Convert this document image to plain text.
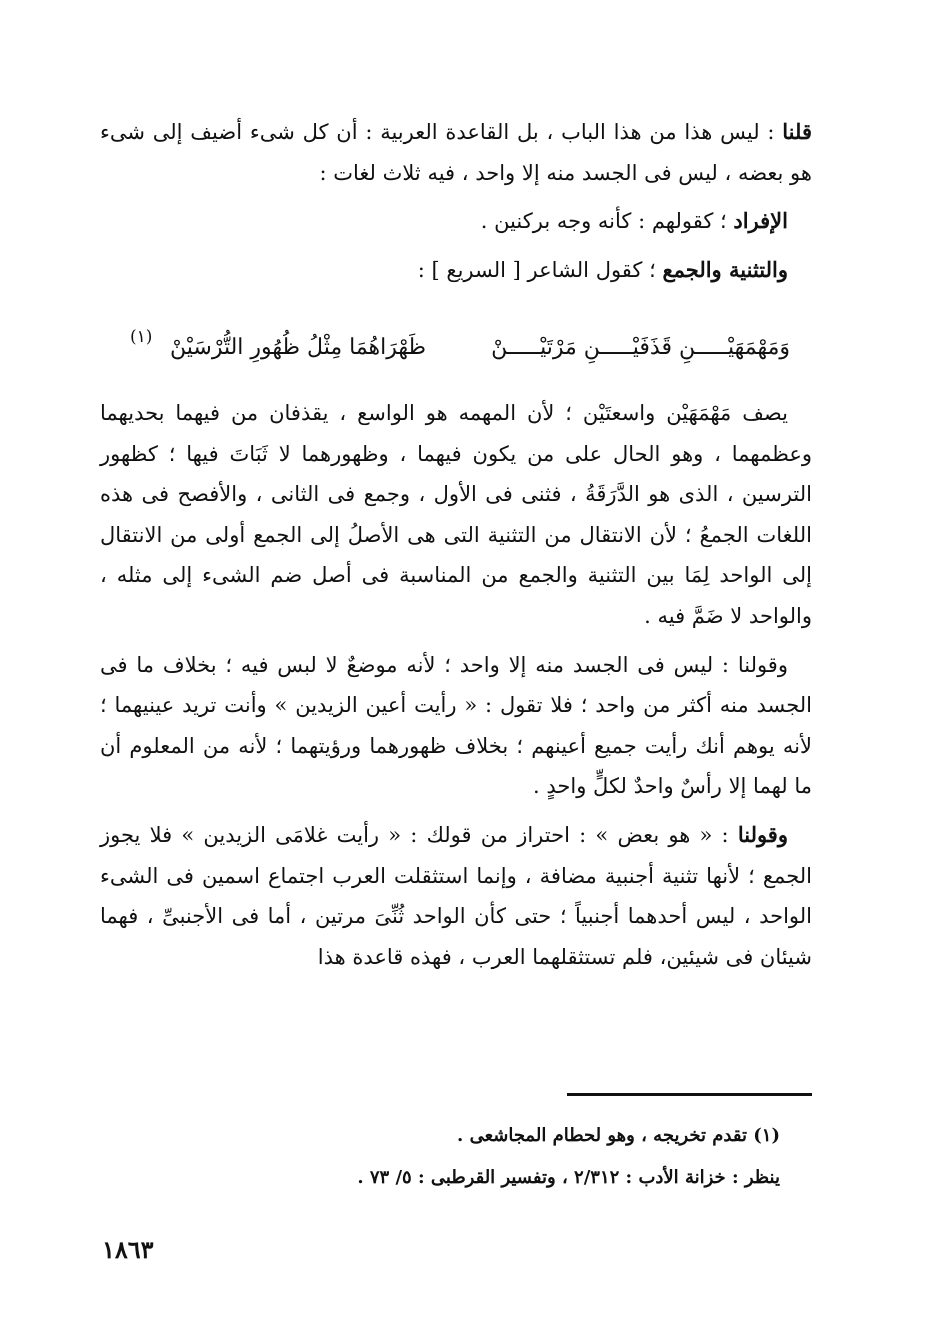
قلنا : ليس هذا من هذا الباب ، بل القاعدة العربية : أن كل شىء أضيف إلى شىء هو بعضه ، ليس فى الجسد منه إلا واحد ، فيه ثلاث لغات :

الإفراد ؛ كقولهم : كأنه وجه بركنين .

والتثنية والجمع ؛ كقول الشاعر [ السريع ] :

وَمَهْمَهَيْـــــنِ قَذَفَيْـــــنِ مَرْتَيْـــــنْ
ظَهْرَاهُمَا مِثْلُ ظُهُورِ التُّرْسَيْنْ
(١)

يصف مَهْمَهَيْن واسعتَيْن ؛ لأن المهمه هو الواسع ، يقذفان من فيهما بحديهما وعظمهما ، وهو الحال على من يكون فيهما ، وظهورهما لا ثَبَاتَ فيها ؛ كظهور الترسين ، الذى هو الدَّرَقَةُ ، فثنى فى الأول ، وجمع فى الثانى ، والأفصح فى هذه اللغات الجمعُ ؛ لأن الانتقال من التثنية التى هى الأصلُ إلى الجمع أولى من الانتقال إلى الواحد لِمَا بين التثنية والجمع من المناسبة فى أصل ضم الشىء إلى مثله ، والواحد لا ضَمَّ فيه .

وقولنا : ليس فى الجسد منه إلا واحد ؛ لأنه موضعٌ لا لبس فيه ؛ بخلاف ما فى الجسد منه أكثر من واحد ؛ فلا تقول : « رأيت أعين الزيدين » وأنت تريد عينيهما ؛ لأنه يوهم أنك رأيت جميع أعينهم ؛ بخلاف ظهورهما ورؤيتهما ؛ لأنه من المعلوم أن ما لهما إلا رأسٌ واحدٌ لكلٍّ واحدٍ .

وقولنا : « هو بعض » : احتراز من قولك : « رأيت غلامَى الزيدين » فلا يجوز الجمع ؛ لأنها تثنية أجنبية مضافة ، وإنما استثقلت العرب اجتماع اسمين فى الشىء الواحد ، ليس أحدهما أجنبياً ؛ حتى كأن الواحد ثُنِّىَ مرتين ، أما فى الأجنبىِّ ، فهما شيئان فى شيئين، فلم تستثقلهما العرب ، فهذه قاعدة هذا

(١) تقدم تخريجه ، وهو لحطام المجاشعى .

ينظر : خزانة الأدب : ٢/٣١٢ ، وتفسير القرطبى : ٥/ ٧٣ .

١٨٦٣
